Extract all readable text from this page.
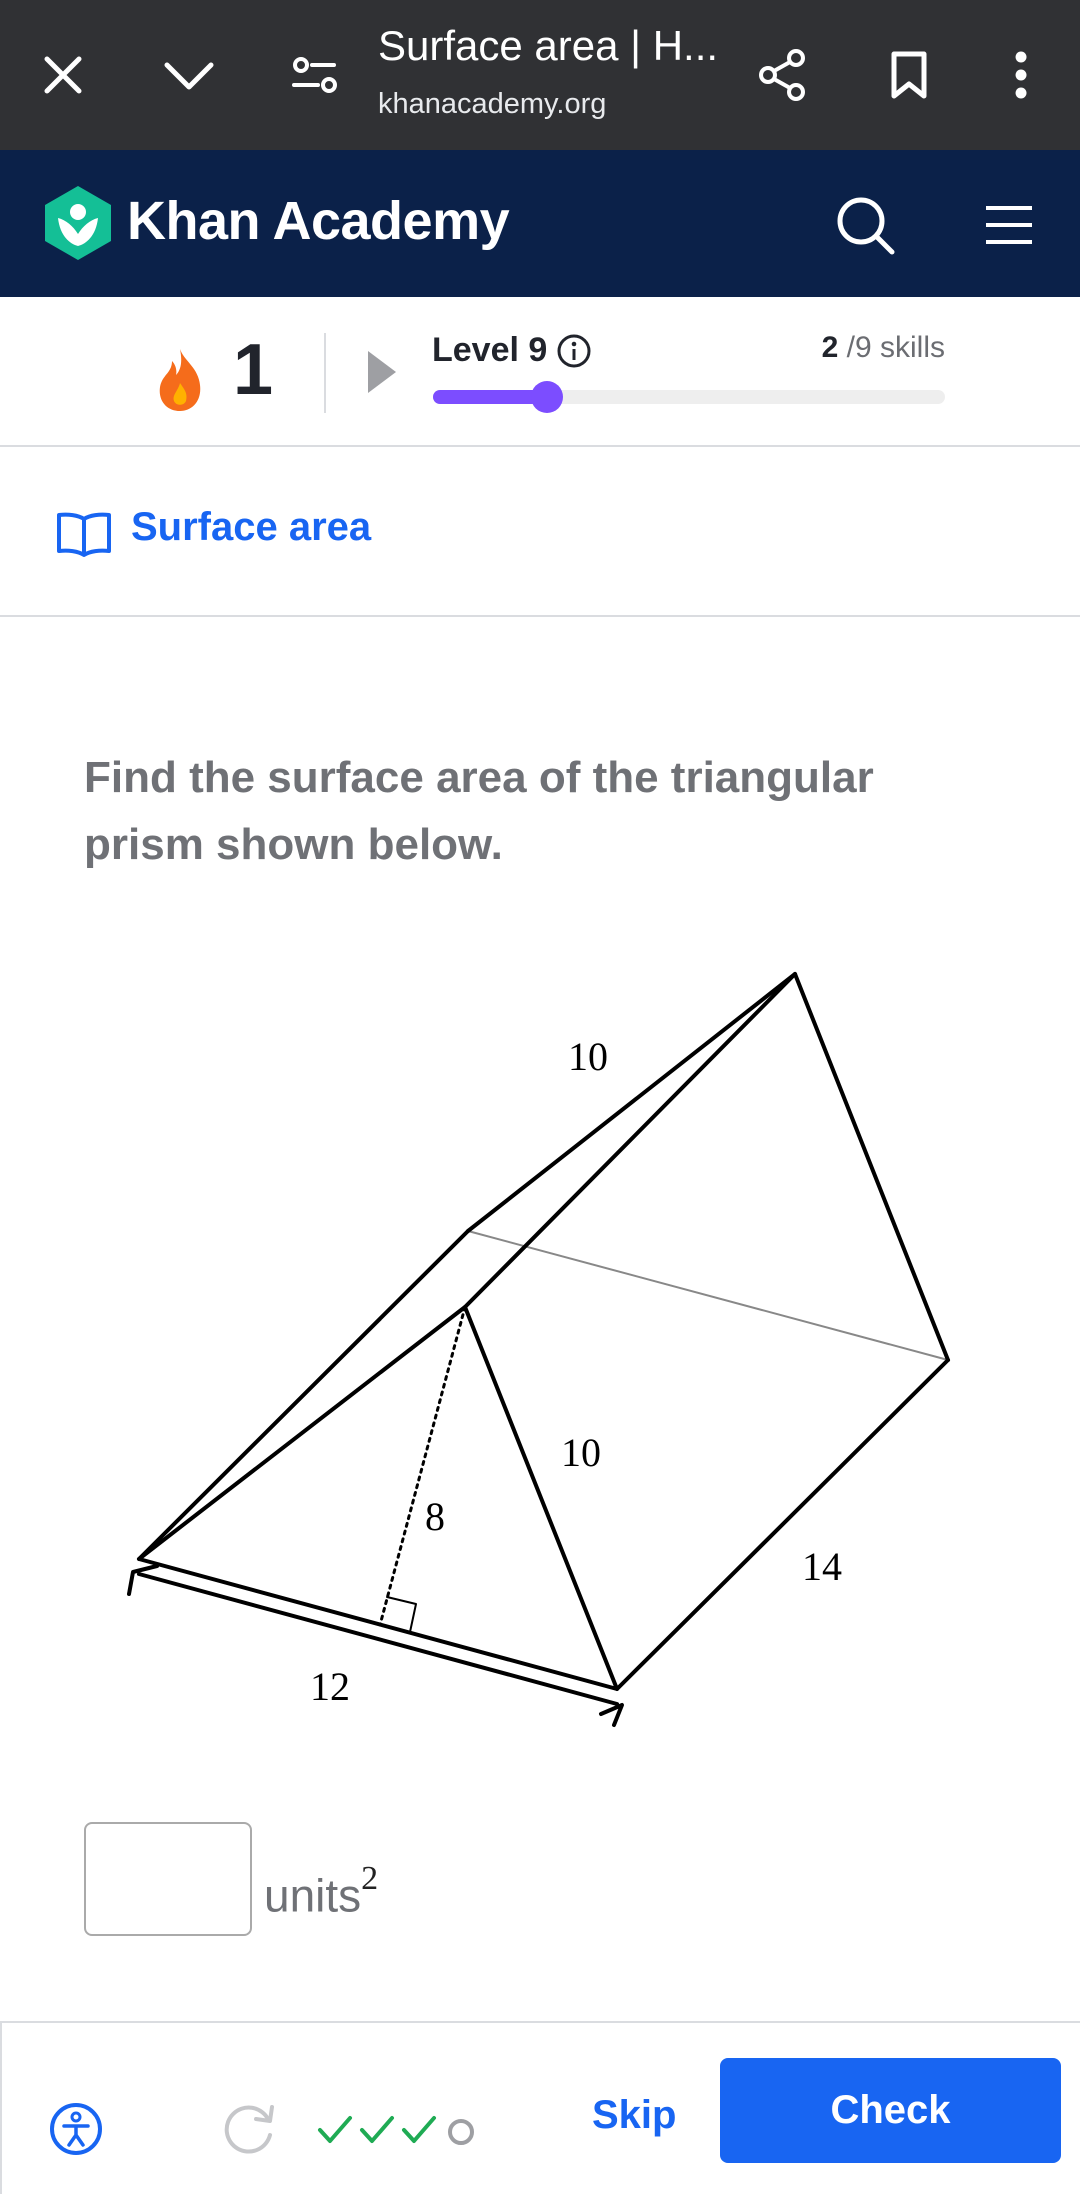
Surface area | H...
khanacademy.org
Khan Academy
1	Level 9	2 /9 skills
Surface area
Find the surface area of the triangular prism shown below.
10
10
8
14
12
units$^2$
Skip	Check
